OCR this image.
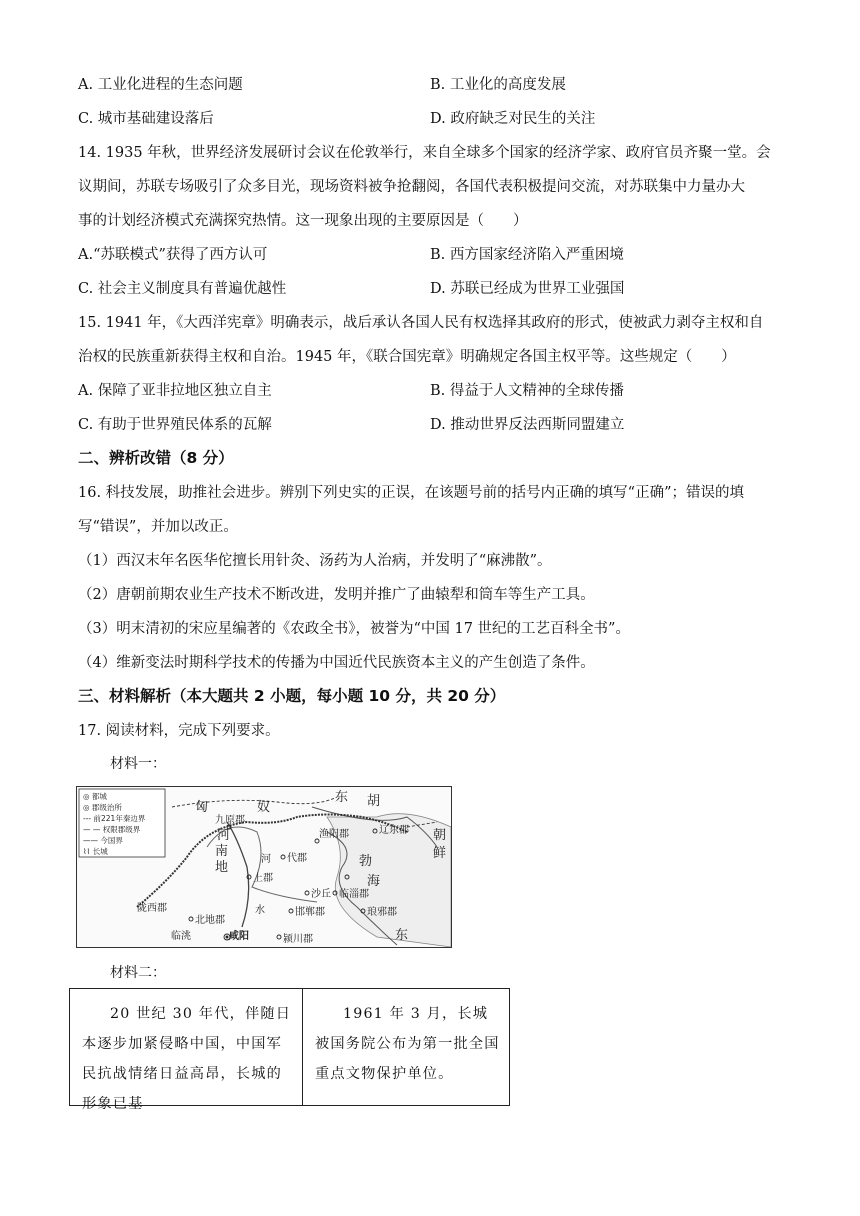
A. 工业化进程的生态问题	B. 工业化的高度发展
C. 城市基础建设落后	D. 政府缺乏对民生的关注
14. 1935 年秋，世界经济发展研讨会议在伦敦举行，来自全球多个国家的经济学家、政府官员齐聚一堂。会
议期间，苏联专场吸引了众多目光，现场资料被争抢翻阅，各国代表积极提问交流，对苏联集中力量办大
事的计划经济模式充满探究热情。这一现象出现的主要原因是（　　）
A.“苏联模式”获得了西方认可	B. 西方国家经济陷入严重困境
C. 社会主义制度具有普遍优越性	D. 苏联已经成为世界工业强国
15. 1941 年，《大西洋宪章》明确表示，战后承认各国人民有权选择其政府的形式，使被武力剥夺主权和自
治权的民族重新获得主权和自治。1945 年，《联合国宪章》明确规定各国主权平等。这些规定（　　）
A. 保障了亚非拉地区独立自主	B. 得益于人文精神的全球传播
C. 有助于世界殖民体系的瓦解	D. 推动世界反法西斯同盟建立
二、辨析改错（8 分）
16. 科技发展，助推社会进步。辨别下列史实的正误，在该题号前的括号内正确的填写“正确”；错误的填
写“错误”，并加以改正。
（1）西汉末年名医华佗擅长用针灸、汤药为人治病，并发明了“麻沸散”。
（2）唐朝前期农业生产技术不断改进，发明并推广了曲辕犁和筒车等生产工具。
（3）明末清初的宋应星编著的《农政全书》，被誉为“中国 17 世纪的工艺百科全书”。
（4）维新变法时期科学技术的传播为中国近代民族资本主义的产生创造了条件。
三、材料解析（本大题共 2 小题，每小题 10 分，共 20 分）
17. 阅读材料，完成下列要求。
材料一：
◎ 都城
◎ 郡级治所
--- 前221年秦边界
— — 权限郡级界
—— 今国界
⌇⌇ 长城
匈	奴
东 胡
九原郡
渔阳郡	辽东郡 朝
鲜
河
南
地
代郡
上郡
勃
海
沙丘 临淄郡
陇西郡
北地郡
邯郸郡	琅邪郡
临洮	咸阳	颍川郡
河
水
东
材料二：
20 世纪 30 年代，伴随日本逐步加紧侵略中国，中国军民抗战情绪日益高昂，长城的形象已基
1961 年 3 月，长城被国务院公布为第一批全国重点文物保护单位。
